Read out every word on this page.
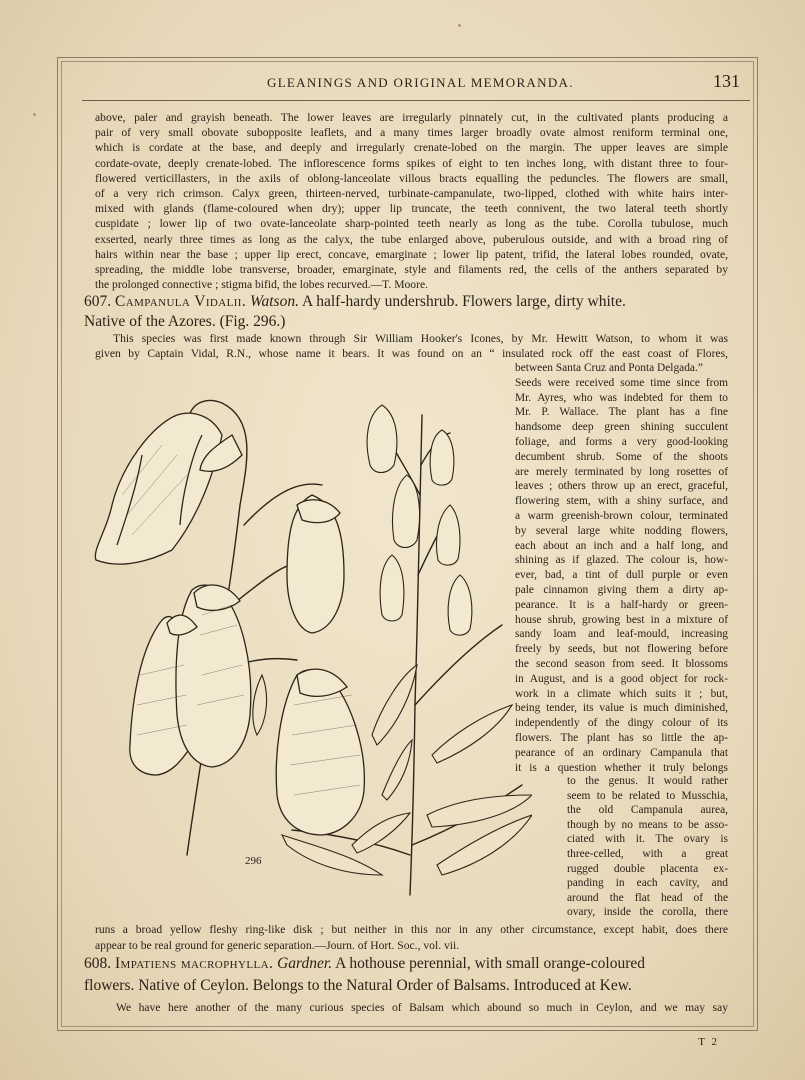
GLEANINGS AND ORIGINAL MEMORANDA.	131
above, paler and grayish beneath. The lower leaves are irregularly pinnately cut, in the cultivated plants producing a
pair of very small obovate subopposite leaflets, and a many times larger broadly ovate almost reniform terminal one,
which is cordate at the base, and deeply and irregularly crenate-lobed on the margin. The upper leaves are simple
cordate-ovate, deeply crenate-lobed. The inflorescence forms spikes of eight to ten inches long, with distant three to four-
flowered verticillasters, in the axils of oblong-lanceolate villous bracts equalling the peduncles. The flowers are small,
of a very rich crimson. Calyx green, thirteen-nerved, turbinate-campanulate, two-lipped, clothed with white hairs inter-
mixed with glands (flame-coloured when dry); upper lip truncate, the teeth connivent, the two lateral teeth shortly
cuspidate ; lower lip of two ovate-lanceolate sharp-pointed teeth nearly as long as the tube. Corolla tubulose, much
exserted, nearly three times as long as the calyx, the tube enlarged above, puberulous outside, and with a broad ring of
hairs within near the base ; upper lip erect, concave, emarginate ; lower lip patent, trifid, the lateral lobes rounded, ovate,
spreading, the middle lobe transverse, broader, emarginate, style and filaments red, the cells of the anthers separated by
the prolonged connective ; stigma bifid, the lobes recurved.—T. Moore.
607. Campanula Vidalii. Watson. A half-hardy undershrub. Flowers large, dirty white.
Native of the Azores. (Fig. 296.)
This species was first made known through Sir William Hooker's Icones, by Mr. Hewitt Watson, to whom it was
given by Captain Vidal, R.N., whose name it bears. It was found on an “ insulated rock off the east coast of Flores,
between Santa Cruz and Ponta Delgada.”
Seeds were received some time since from
Mr. Ayres, who was indebted for them to
Mr. P. Wallace. The plant has a fine
handsome deep green shining succulent
foliage, and forms a very good-looking
decumbent shrub. Some of the shoots
are merely terminated by long rosettes of
leaves ; others throw up an erect, graceful,
flowering stem, with a shiny surface, and
a warm greenish-brown colour, terminated
by several large white nodding flowers,
each about an inch and a half long, and
shining as if glazed. The colour is, how-
ever, bad, a tint of dull purple or even
pale cinnamon giving them a dirty ap-
pearance. It is a half-hardy or green-
house shrub, growing best in a mixture of
sandy loam and leaf-mould, increasing
freely by seeds, but not flowering before
the second season from seed. It blossoms
in August, and is a good object for rock-
work in a climate which suits it ; but,
being tender, its value is much diminished,
independently of the dingy colour of its
flowers. The plant has so little the ap-
pearance of an ordinary Campanula that
it is a question whether it truly belongs
to the genus. It would rather
seem to be related to Musschia,
the old Campanula aurea,
though by no means to be asso-
ciated with it. The ovary is
three-celled, with a great
rugged double placenta ex-
panding in each cavity, and
around the flat head of the
ovary, inside the corolla, there
runs a broad yellow fleshy ring-like disk ; but neither in this nor in any other circumstance, except habit, does there
appear to be real ground for generic separation.—Journ. of Hort. Soc., vol. vii.
296
608. Impatiens macrophylla. Gardner. A hothouse perennial, with small orange-coloured
flowers. Native of Ceylon. Belongs to the Natural Order of Balsams. Introduced at Kew.
We have here another of the many curious species of Balsam which abound so much in Ceylon, and we may say
T 2
